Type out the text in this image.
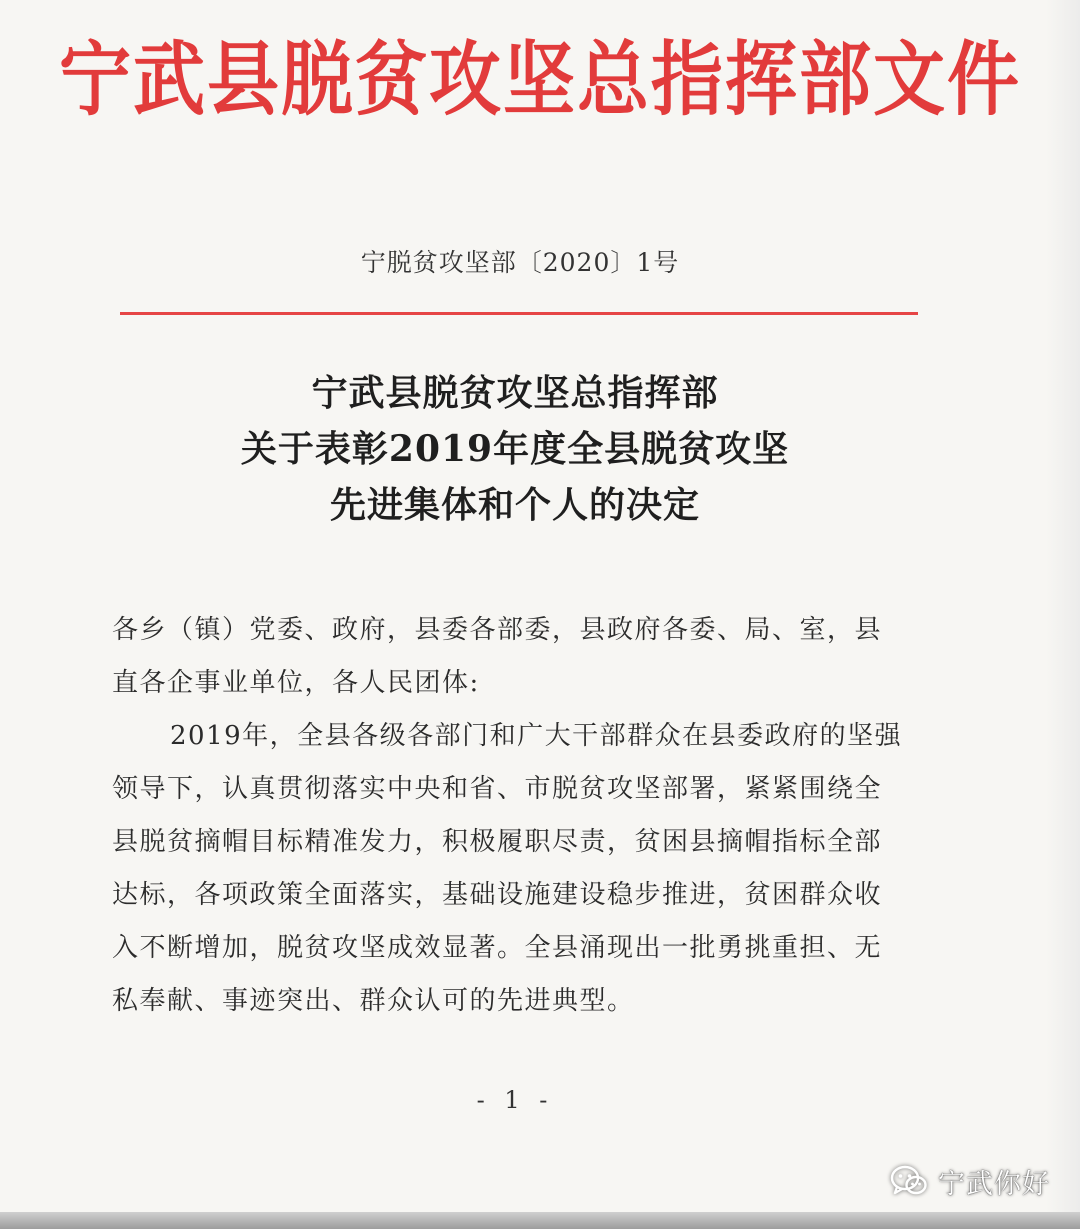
宁武县脱贫攻坚总指挥部文件
宁脱贫攻坚部〔2020〕1号
宁武县脱贫攻坚总指挥部
关于表彰2019年度全县脱贫攻坚
先进集体和个人的决定

各乡（镇）党委、政府，县委各部委，县政府各委、局、室，县

直各企事业单位，各人民团体:

2019年，全县各级各部门和广大干部群众在县委政府的坚强

领导下，认真贯彻落实中央和省、市脱贫攻坚部署，紧紧围绕全

县脱贫摘帽目标精准发力，积极履职尽责，贫困县摘帽指标全部

达标，各项政策全面落实，基础设施建设稳步推进，贫困群众收

入不断增加，脱贫攻坚成效显著。全县涌现出一批勇挑重担、无

私奉献、事迹突出、群众认可的先进典型。

- 1 -
宁武你好
